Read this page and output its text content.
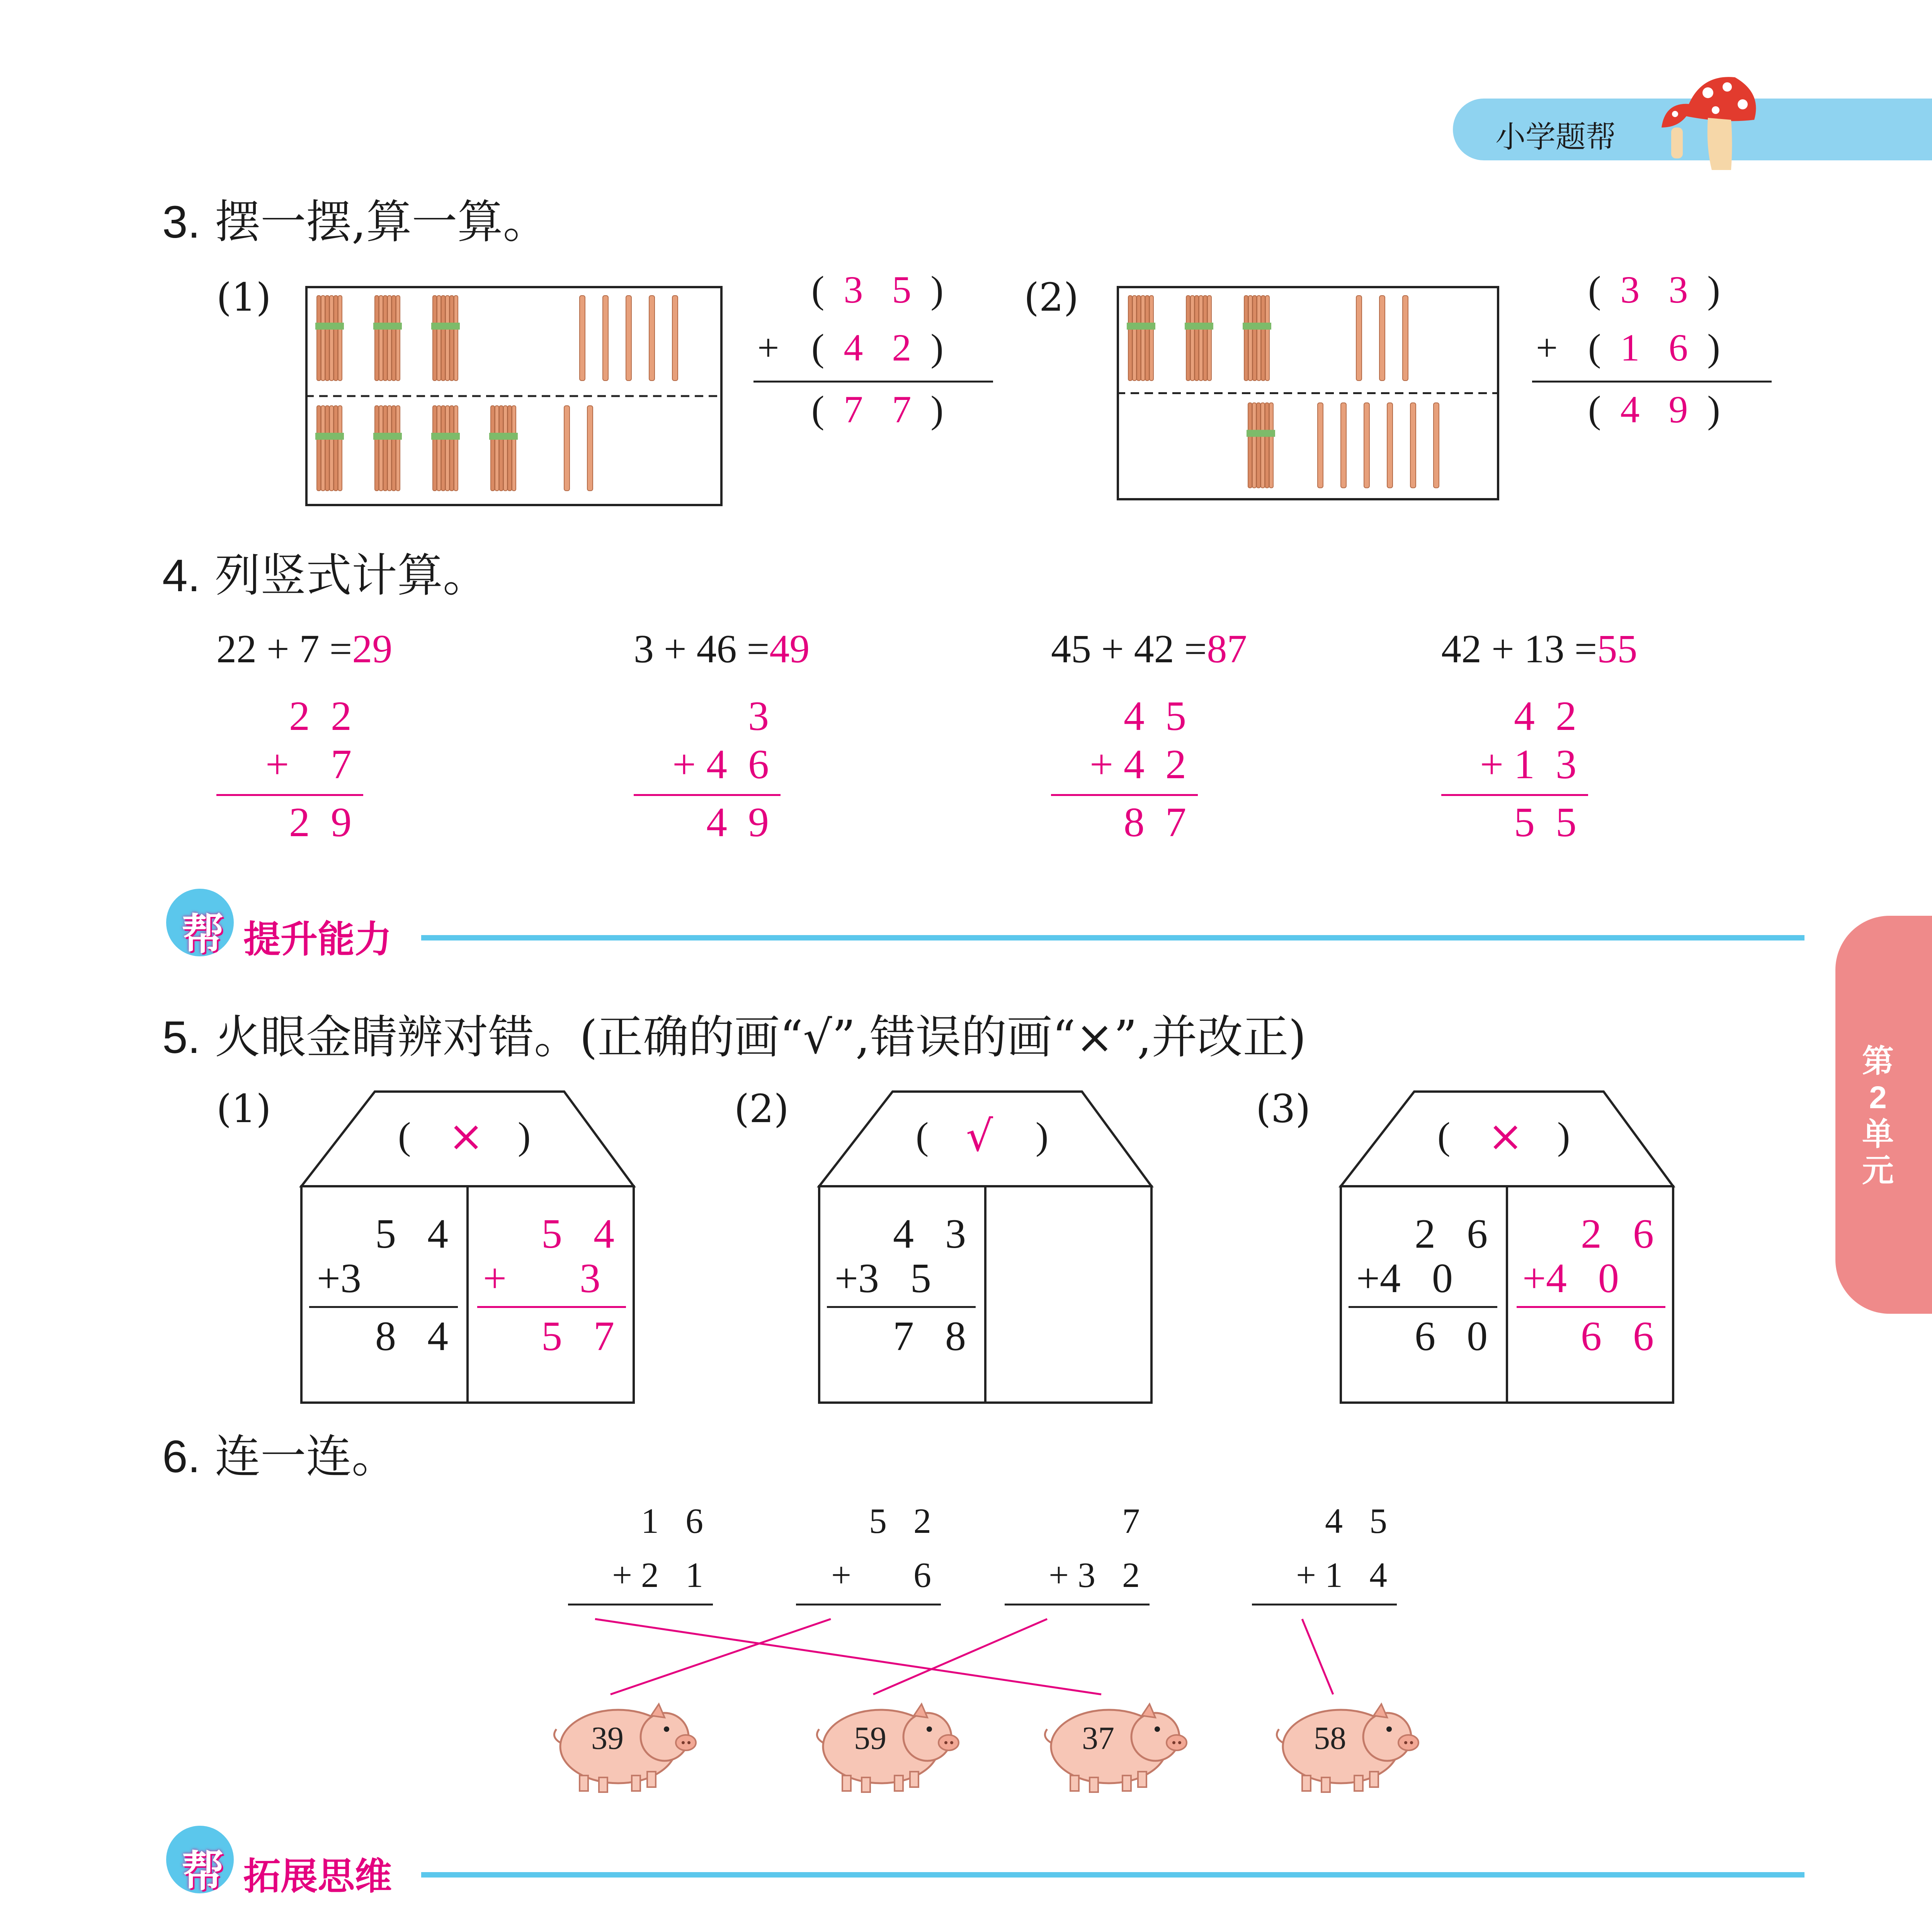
小学题帮
第
2
单
元
3. 摆一摆,算一算。
(1)	(  3 5  )
+ (  4 2  )
(  7 7  )
(2)	(  3 3  )
+ (  1 6  )
(  4 9  )
4. 列竖式计算。
22 + 7 =29
2  2
+    7
2  9
3 + 46 =49
3
+ 4  6
4  9
45 + 42 =87
4  5
+ 4  2
8  7
42 + 13 =55
4  2
+ 1  3
5  5
帮 提升能力
5. 火眼金睛辨对错。(正确的画“√”,错误的画“×”,并改正)
(1)
( × )
5   4
+3
8   4
5   4
+       3
5   7
(2)
( √ )
4   3
+3   5
7   8
(3)
( × )
2   6
+4   0
6   0
2   6
+4   0
6   6
6. 连一连。
1   6
+ 2   1
5   2
+       6
7
+ 3   2
4   5
+ 1   4
39	59	37	58
帮 拓展思维
